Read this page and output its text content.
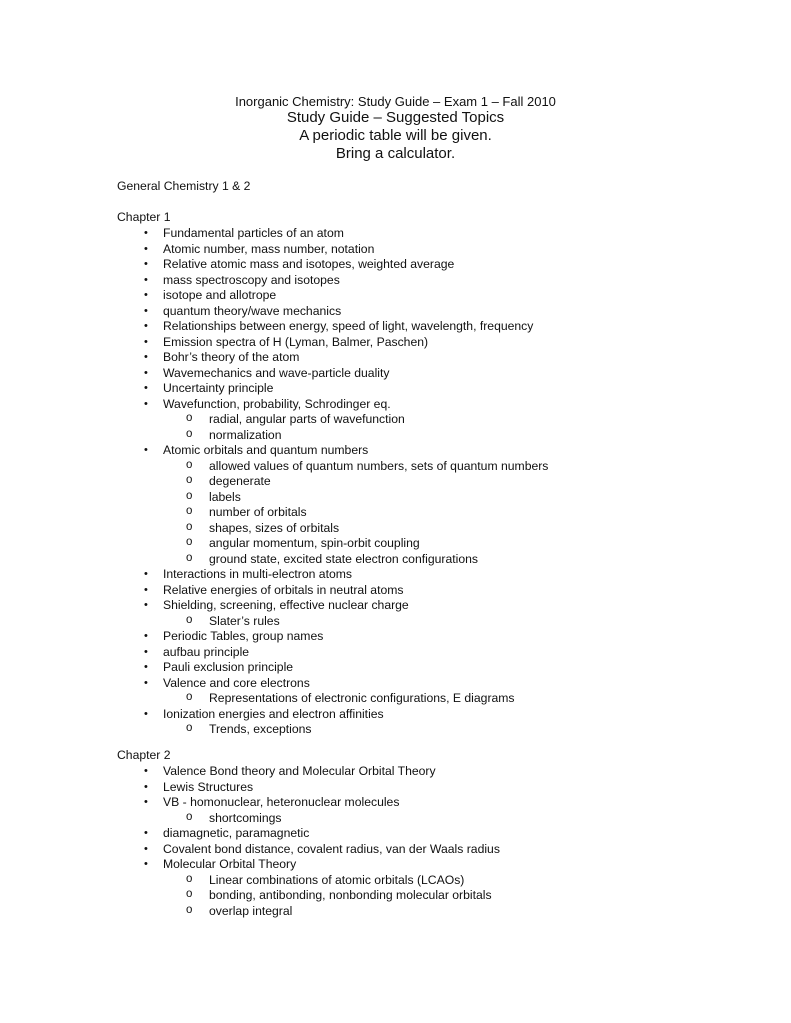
Inorganic Chemistry: Study Guide – Exam 1 – Fall 2010
Study Guide – Suggested Topics
A periodic table will be given.
Bring a calculator.
General Chemistry 1 & 2
Chapter 1
• Fundamental particles of an atom
• Atomic number, mass number, notation
• Relative atomic mass and isotopes, weighted average
• mass spectroscopy and isotopes
• isotope and allotrope
• quantum theory/wave mechanics
• Relationships between energy, speed of light, wavelength, frequency
• Emission spectra of H (Lyman, Balmer, Paschen)
• Bohr’s theory of the atom
• Wavemechanics and wave-particle duality
• Uncertainty principle
• Wavefunction, probability, Schrodinger eq.
o radial, angular parts of wavefunction
o normalization
• Atomic orbitals and quantum numbers
o allowed values of quantum numbers, sets of quantum numbers
o degenerate
o labels
o number of orbitals
o shapes, sizes of orbitals
o angular momentum, spin-orbit coupling
o ground state, excited state electron configurations
• Interactions in multi-electron atoms
• Relative energies of orbitals in neutral atoms
• Shielding, screening, effective nuclear charge
o Slater’s rules
• Periodic Tables, group names
• aufbau principle
• Pauli exclusion principle
• Valence and core electrons
o Representations of electronic configurations, E diagrams
• Ionization energies and electron affinities
o Trends, exceptions
Chapter 2
• Valence Bond theory and Molecular Orbital Theory
• Lewis Structures
• VB - homonuclear, heteronuclear molecules
o shortcomings
• diamagnetic, paramagnetic
• Covalent bond distance, covalent radius, van der Waals radius
• Molecular Orbital Theory
o Linear combinations of atomic orbitals (LCAOs)
o bonding, antibonding, nonbonding molecular orbitals
o overlap integral
